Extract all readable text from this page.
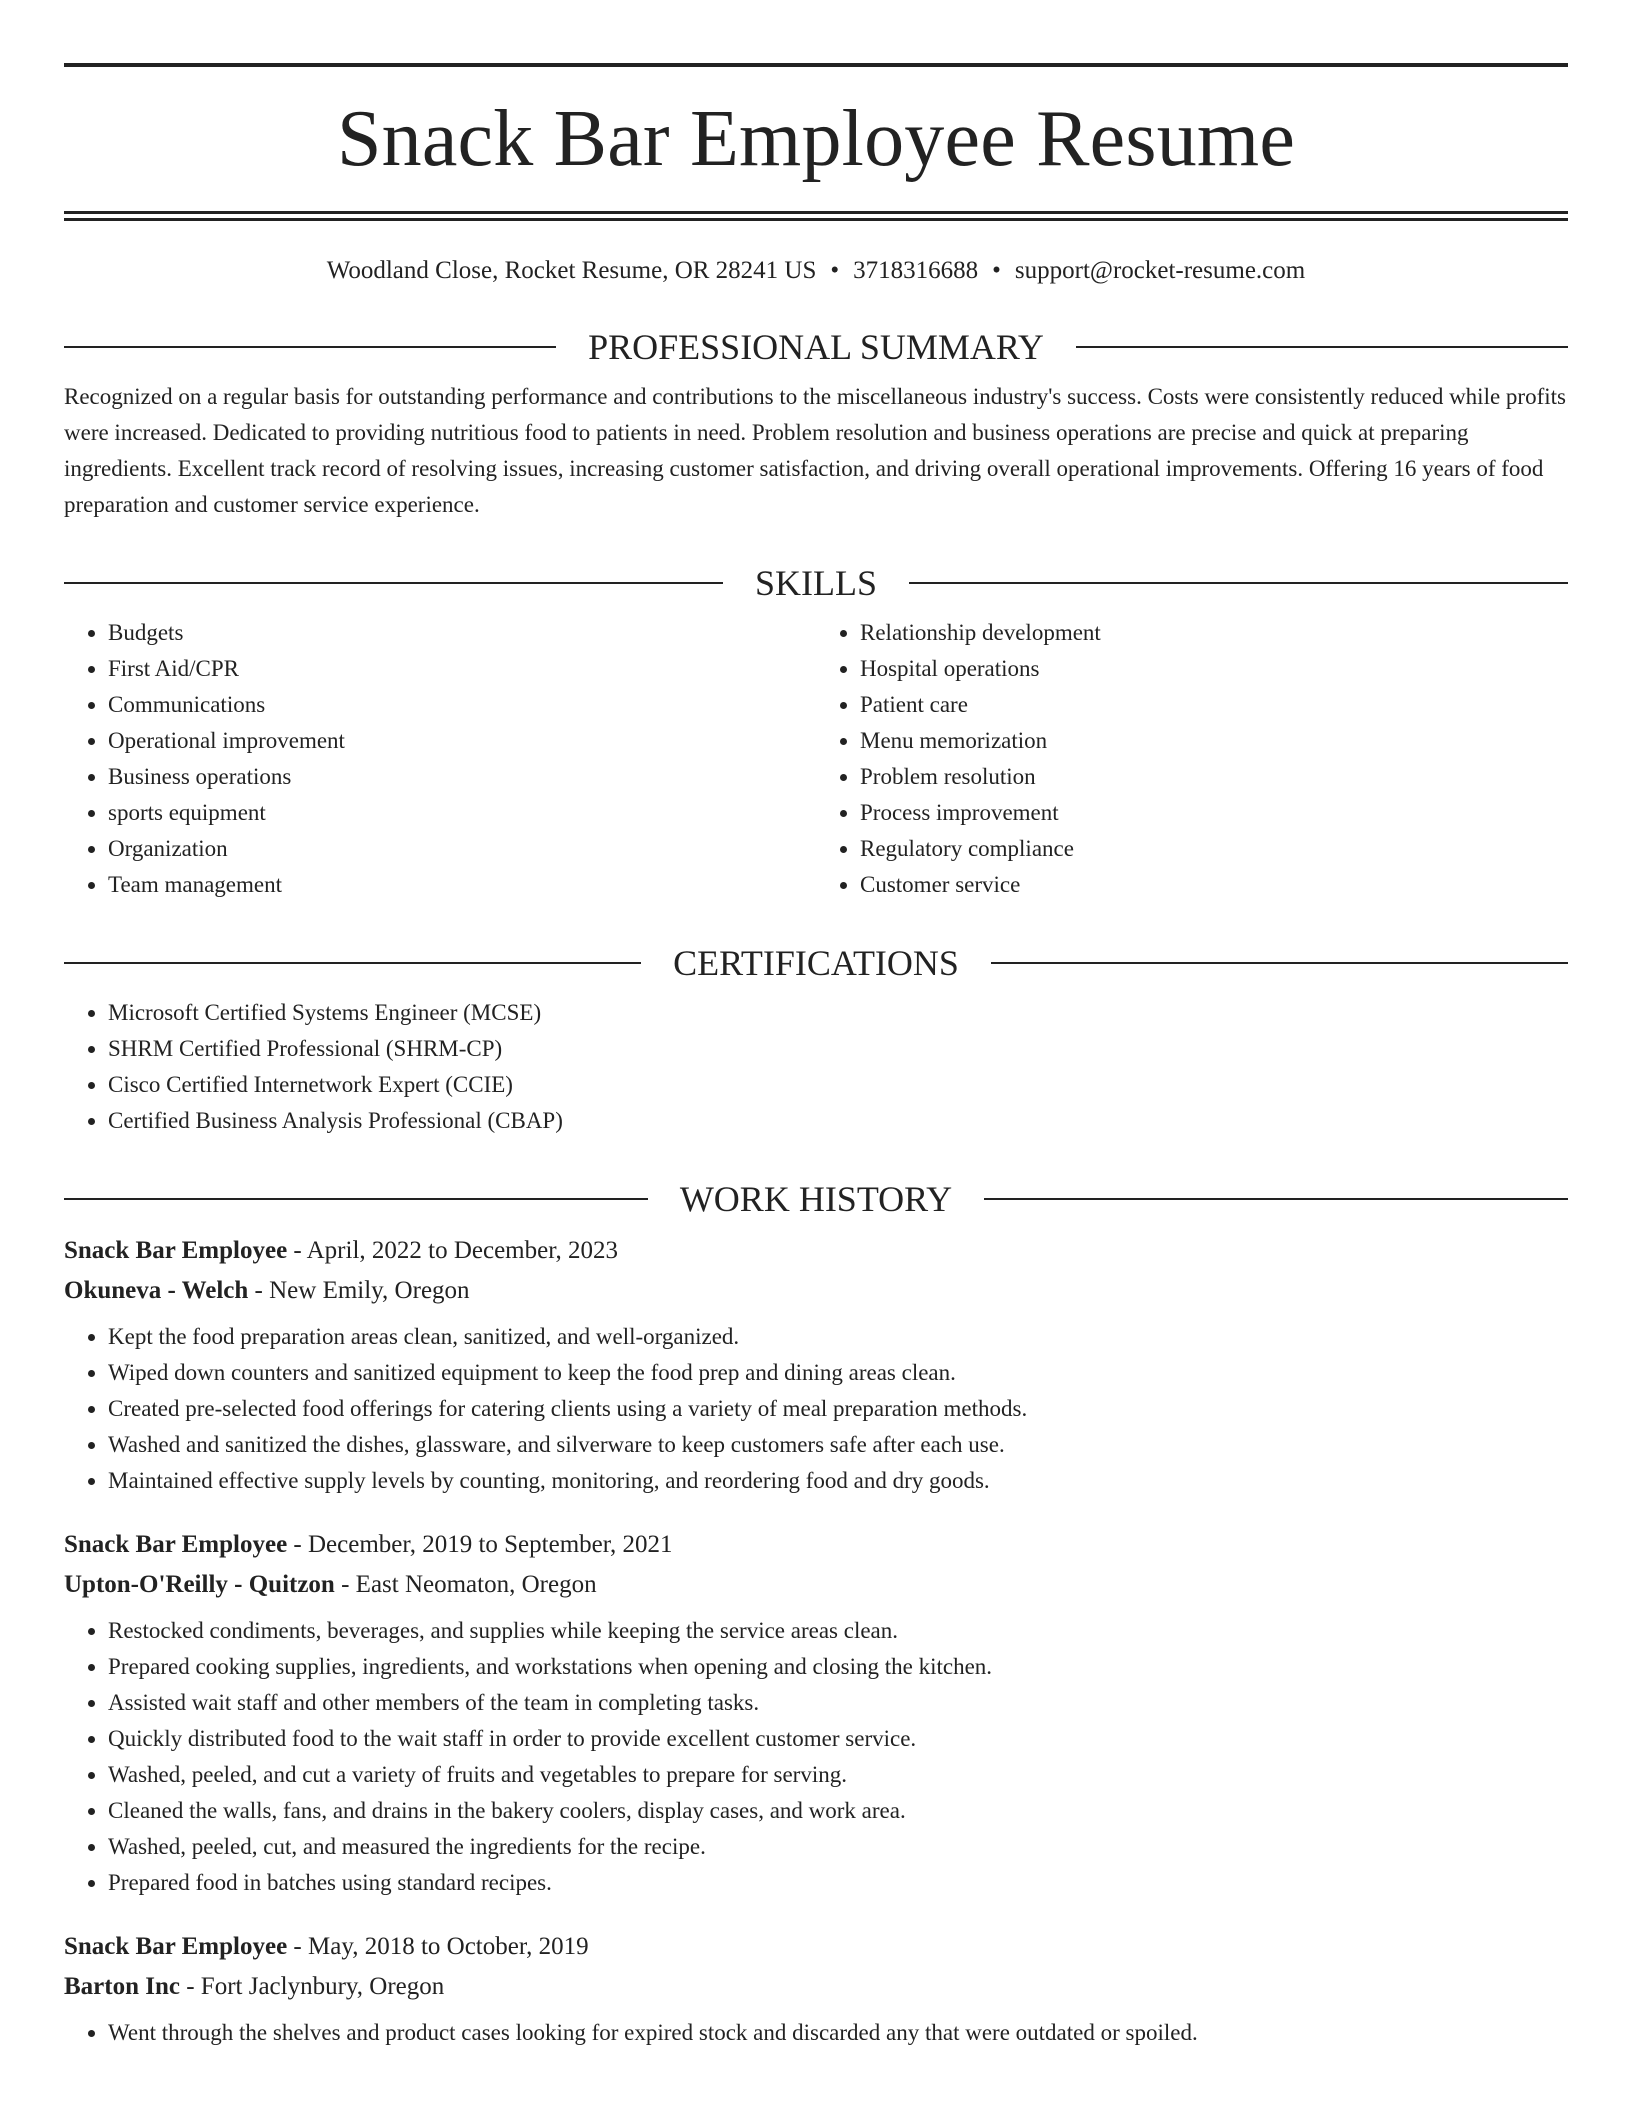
Snack Bar Employee Resume
Woodland Close, Rocket Resume, OR 28241 US • 3718316688 • support@rocket-resume.com
PROFESSIONAL SUMMARY

Recognized on a regular basis for outstanding performance and contributions to the miscellaneous industry's success. Costs were consistently reduced while profits were increased. Dedicated to providing nutritious food to patients in need. Problem resolution and business operations are precise and quick at preparing ingredients. Excellent track record of resolving issues, increasing customer satisfaction, and driving overall operational improvements. Offering 16 years of food preparation and customer service experience.

SKILLS
• Budgets
• First Aid/CPR
• Communications
• Operational improvement
• Business operations
• sports equipment
• Organization
• Team management
• Relationship development
• Hospital operations
• Patient care
• Menu memorization
• Problem resolution
• Process improvement
• Regulatory compliance
• Customer service
CERTIFICATIONS
• Microsoft Certified Systems Engineer (MCSE)
• SHRM Certified Professional (SHRM-CP)
• Cisco Certified Internetwork Expert (CCIE)
• Certified Business Analysis Professional (CBAP)
WORK HISTORY
Snack Bar Employee - April, 2022 to December, 2023
Okuneva - Welch - New Emily, Oregon
• Kept the food preparation areas clean, sanitized, and well-organized.
• Wiped down counters and sanitized equipment to keep the food prep and dining areas clean.
• Created pre-selected food offerings for catering clients using a variety of meal preparation methods.
• Washed and sanitized the dishes, glassware, and silverware to keep customers safe after each use.
• Maintained effective supply levels by counting, monitoring, and reordering food and dry goods.
Snack Bar Employee - December, 2019 to September, 2021
Upton-O'Reilly - Quitzon - East Neomaton, Oregon
• Restocked condiments, beverages, and supplies while keeping the service areas clean.
• Prepared cooking supplies, ingredients, and workstations when opening and closing the kitchen.
• Assisted wait staff and other members of the team in completing tasks.
• Quickly distributed food to the wait staff in order to provide excellent customer service.
• Washed, peeled, and cut a variety of fruits and vegetables to prepare for serving.
• Cleaned the walls, fans, and drains in the bakery coolers, display cases, and work area.
• Washed, peeled, cut, and measured the ingredients for the recipe.
• Prepared food in batches using standard recipes.
Snack Bar Employee - May, 2018 to October, 2019
Barton Inc - Fort Jaclynbury, Oregon
• Went through the shelves and product cases looking for expired stock and discarded any that were outdated or spoiled.
